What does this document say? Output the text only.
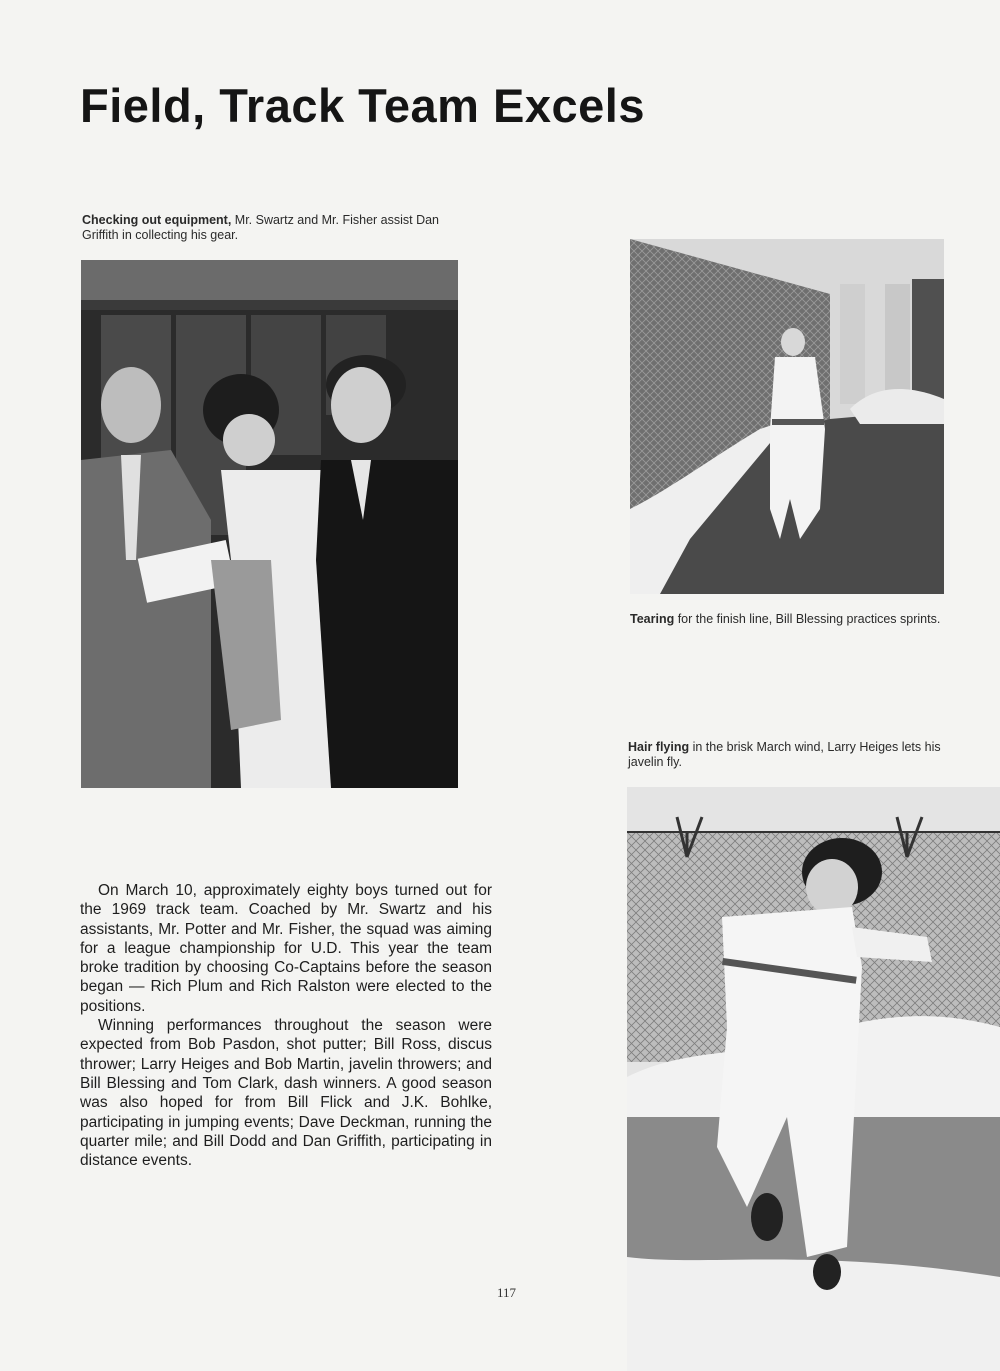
Field, Track Team Excels

Checking out equipment, Mr. Swartz and Mr. Fisher assist Dan Griffith in collecting his gear.

Tearing for the finish line, Bill Blessing practices sprints.

Hair flying in the brisk March wind, Larry Heiges lets his javelin fly.

On March 10, approximately eighty boys turned out for the 1969 track team. Coached by Mr. Swartz and his assistants, Mr. Potter and Mr. Fisher, the squad was aiming for a league championship for U.D. This year the team broke tradition by choosing Co-Captains before the season began — Rich Plum and Rich Ralston were elected to the positions.

Winning performances throughout the season were expected from Bob Pasdon, shot putter; Bill Ross, discus thrower; Larry Heiges and Bob Martin, javelin throwers; and Bill Blessing and Tom Clark, dash winners. A good season was also hoped for from Bill Flick and J.K. Bohlke, participating in jumping events; Dave Deckman, running the quarter mile; and Bill Dodd and Dan Griffith, participating in distance events.

117
